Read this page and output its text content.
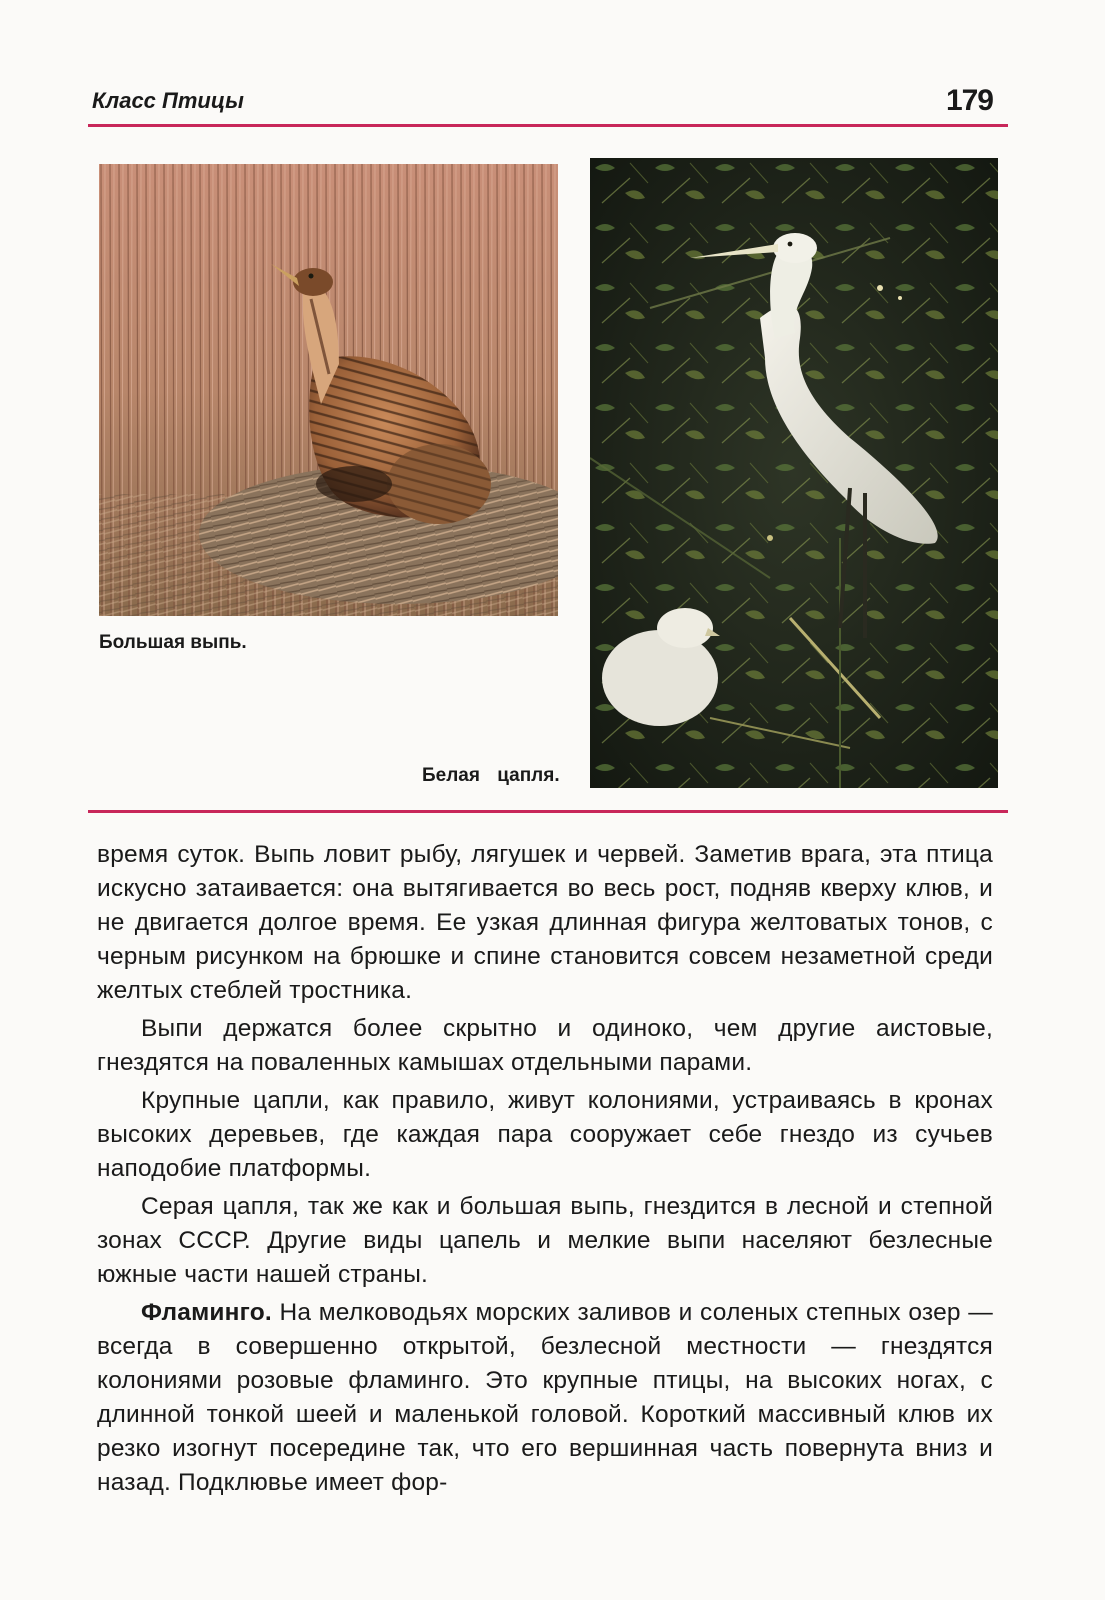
Класс Птицы	179
Большая выпь.
Белая цапля.

время суток. Выпь ловит рыбу, лягушек и червей. Заметив врага, эта птица искусно затаивается: она вытягивается во весь рост, подняв кверху клюв, и не двигается долгое время. Ее узкая длинная фигура желтоватых тонов, с черным рисунком на брюшке и спине становится совсем незаметной среди желтых стеблей тростника.

Выпи держатся более скрытно и одиноко, чем другие аистовые, гнездятся на поваленных камышах отдельными парами.

Крупные цапли, как правило, живут колониями, устраиваясь в кронах высоких деревьев, где каждая пара сооружает себе гнездо из сучьев наподобие платформы.

Серая цапля, так же как и большая выпь, гнездится в лесной и степной зонах СССР. Другие виды цапель и мелкие выпи населяют безлесные южные части нашей страны.

Фламинго. На мелководьях морских заливов и соленых степных озер — всегда в совершенно открытой, безлесной местности — гнездятся колониями розовые фламинго. Это крупные птицы, на высоких ногах, с длинной тонкой шеей и маленькой головой. Короткий массивный клюв их резко изогнут посередине так, что его вершинная часть повернута вниз и назад. Подклювье имеет фор-
